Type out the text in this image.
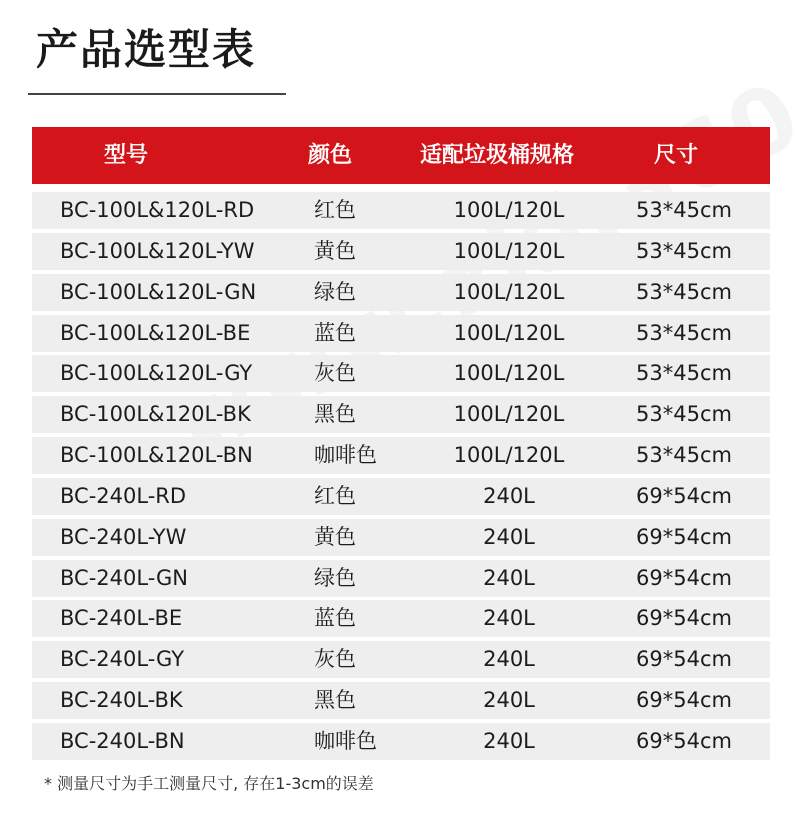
产品选型表
型号	颜色	适配垃圾桶规格	尺寸
BC-100L&120L-RD	红色	100L/120L	53*45cm
BC-100L&120L-YW	黄色	100L/120L	53*45cm
BC-100L&120L-GN	绿色	100L/120L	53*45cm
BC-100L&120L-BE	蓝色	100L/120L	53*45cm
BC-100L&120L-GY	灰色	100L/120L	53*45cm
BC-100L&120L-BK	黑色	100L/120L	53*45cm
BC-100L&120L-BN	咖啡色	100L/120L	53*45cm
BC-240L-RD	红色	240L	69*54cm
BC-240L-YW	黄色	240L	69*54cm
BC-240L-GN	绿色	240L	69*54cm
BC-240L-BE	蓝色	240L	69*54cm
BC-240L-GY	灰色	240L	69*54cm
BC-240L-BK	黑色	240L	69*54cm
BC-240L-BN	咖啡色	240L	69*54cm
* 测量尺寸为手工测量尺寸, 存在1-3cm的误差
